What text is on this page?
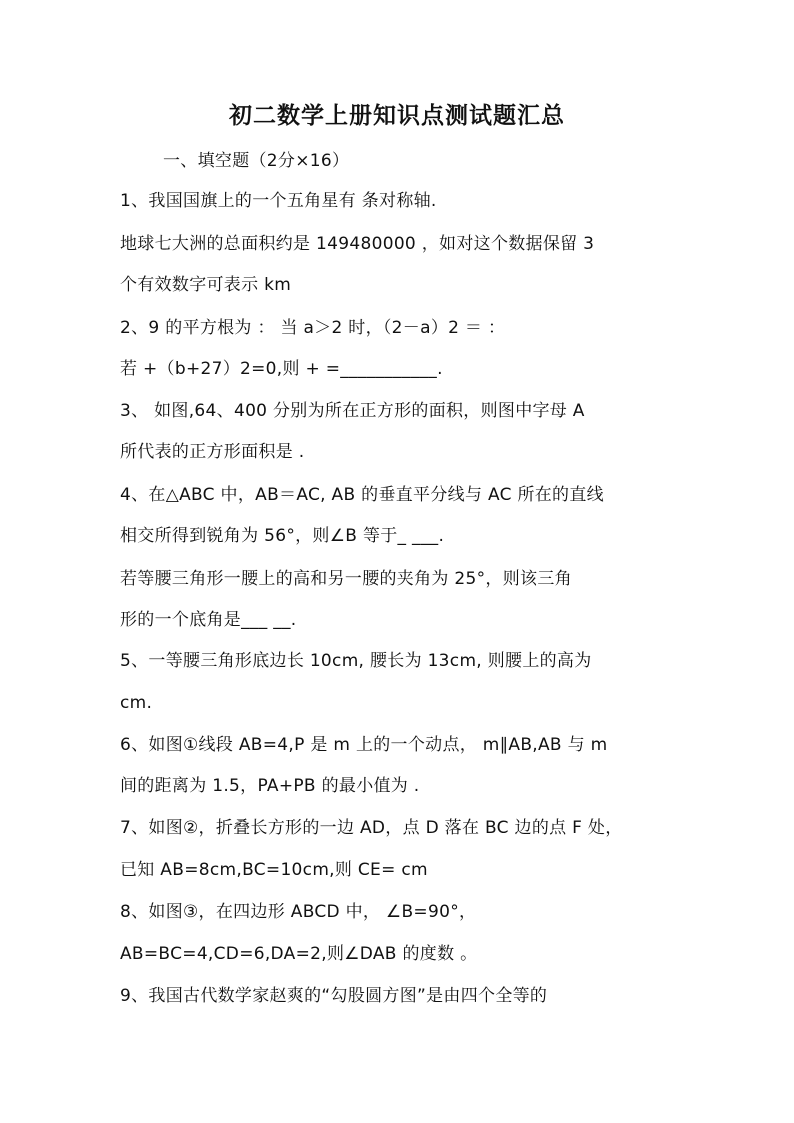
初二数学上册知识点测试题汇总
一、填空题（2分×16）
1、我国国旗上的一个五角星有 条对称轴.
地球七大洲的总面积约是 149480000 ，如对这个数据保留 3
个有效数字可表示 km
2、9 的平方根为 ： 当 a＞2 时，（2－a）2 ＝ ：
若 +（b+27）2=0,则 + =___________.
3、 如图,64、400 分别为所在正方形的面积，则图中字母 A
所代表的正方形面积是 .
4、在△ABC 中，AB＝AC, AB 的垂直平分线与 AC 所在的直线
相交所得到锐角为 56°，则∠B 等于_ ___.
若等腰三角形一腰上的高和另一腰的夹角为 25°，则该三角
形的一个底角是___ __.
5、一等腰三角形底边长 10cm, 腰长为 13cm, 则腰上的高为
cm.
6、如图①线段 AB=4,P 是 m 上的一个动点， m∥AB,AB 与 m
间的距离为 1.5，PA+PB 的最小值为 .
7、如图②，折叠长方形的一边 AD，点 D 落在 BC 边的点 F 处，
已知 AB=8cm,BC=10cm,则 CE= cm
8、如图③，在四边形 ABCD 中， ∠B=90°，
AB=BC=4,CD=6,DA=2,则∠DAB 的度数 。
9、我国古代数学家赵爽的“勾股圆方图”是由四个全等的
